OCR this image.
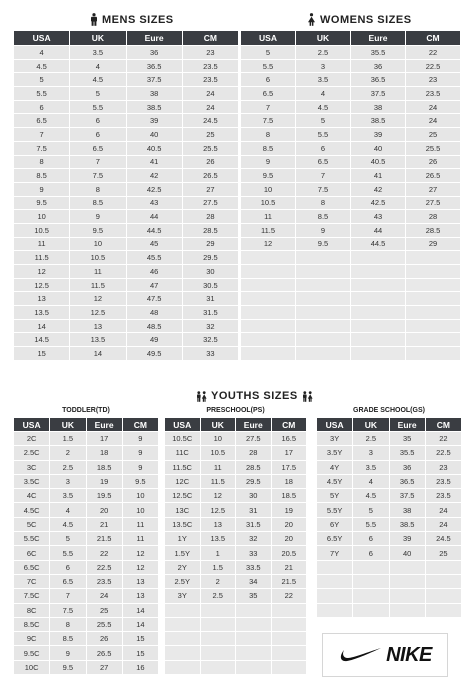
MENS SIZES
USA	UK	Eure	CM
4	3.5	36	23
4.5	4	36.5	23.5
5	4.5	37.5	23.5
5.5	5	38	24
6	5.5	38.5	24
6.5	6	39	24.5
7	6	40	25
7.5	6.5	40.5	25.5
8	7	41	26
8.5	7.5	42	26.5
9	8	42.5	27
9.5	8.5	43	27.5
10	9	44	28
10.5	9.5	44.5	28.5
11	10	45	29
11.5	10.5	45.5	29.5
12	11	46	30
12.5	11.5	47	30.5
13	12	47.5	31
13.5	12.5	48	31.5
14	13	48.5	32
14.5	13.5	49	32.5
15	14	49.5	33
WOMENS SIZES
USA	UK	Eure	CM
5	2.5	35.5	22
5.5	3	36	22.5
6	3.5	36.5	23
6.5	4	37.5	23.5
7	4.5	38	24
7.5	5	38.5	24
8	5.5	39	25
8.5	6	40	25.5
9	6.5	40.5	26
9.5	7	41	26.5
10	7.5	42	27
10.5	8	42.5	27.5
11	8.5	43	28
11.5	9	44	28.5
12	9.5	44.5	29

YOUTHS SIZES
TODDLER(TD)	PRESCHOOL(PS)	GRADE SCHOOL(GS)
USA	UK	Eure	CM
2C	1.5	17	9
2.5C	2	18	9
3C	2.5	18.5	9
3.5C	3	19	9.5
4C	3.5	19.5	10
4.5C	4	20	10
5C	4.5	21	11
5.5C	5	21.5	11
6C	5.5	22	12
6.5C	6	22.5	12
7C	6.5	23.5	13
7.5C	7	24	13
8C	7.5	25	14
8.5C	8	25.5	14
9C	8.5	26	15
9.5C	9	26.5	15
10C	9.5	27	16
USA	UK	Eure	CM
10.5C	10	27.5	16.5
11C	10.5	28	17
11.5C	11	28.5	17.5
12C	11.5	29.5	18
12.5C	12	30	18.5
13C	12.5	31	19
13.5C	13	31.5	20
1Y	13.5	32	20
1.5Y	1	33	20.5
2Y	1.5	33.5	21
2.5Y	2	34	21.5
3Y	2.5	35	22

USA	UK	Eure	CM
3Y	2.5	35	22
3.5Y	3	35.5	22.5
4Y	3.5	36	23
4.5Y	4	36.5	23.5
5Y	4.5	37.5	23.5
5.5Y	5	38	24
6Y	5.5	38.5	24
6.5Y	6	39	24.5
7Y	6	40	25

NIKE
